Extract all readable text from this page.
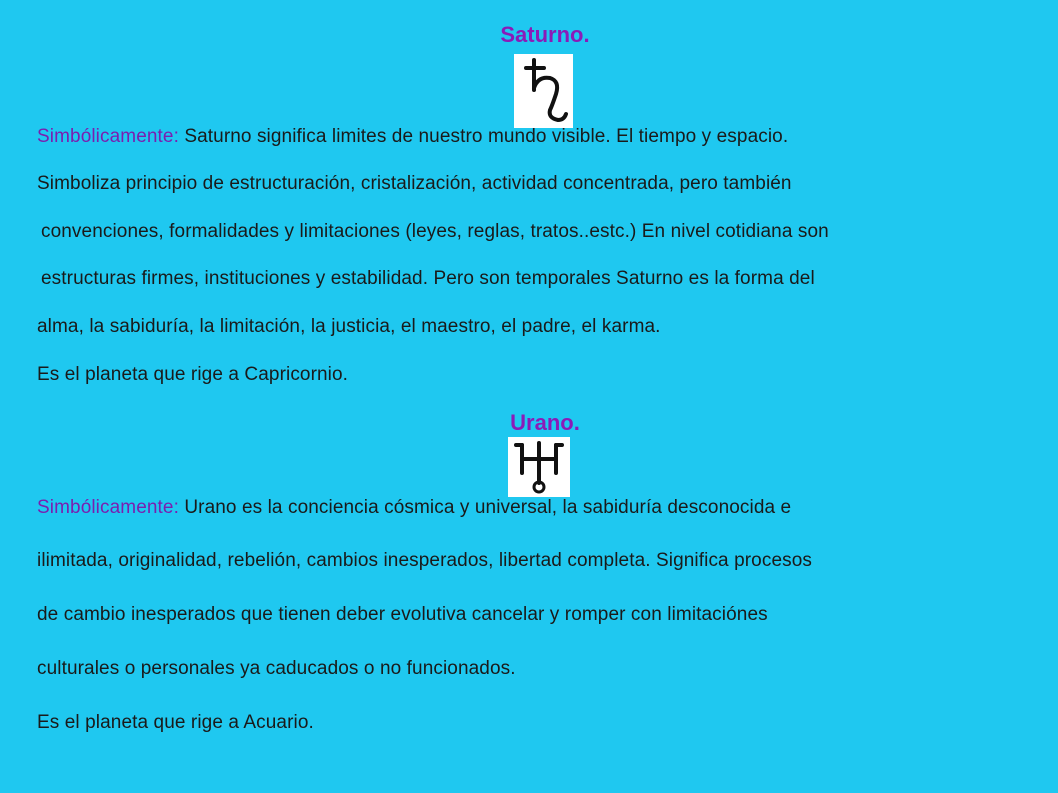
Saturno.
Simbólicamente: Saturno significa limites de nuestro mundo visible. El tiempo y espacio.
Simboliza principio de estructuración, cristalización, actividad concentrada, pero también
convenciones, formalidades y limitaciones (leyes, reglas, tratos..estc.) En nivel cotidiana son
estructuras firmes, instituciones y estabilidad. Pero son temporales Saturno es la forma del
alma, la sabiduría, la limitación, la justicia, el maestro, el padre, el karma.
Es el planeta que rige a Capricornio.
Urano.
Simbólicamente: Urano es la conciencia cósmica y universal, la sabiduría desconocida e
ilimitada, originalidad, rebelión, cambios inesperados, libertad completa. Significa procesos
de cambio inesperados que tienen deber evolutiva cancelar y romper con limitaciónes
culturales o personales ya caducados o no funcionados.
Es el planeta que rige a Acuario.
